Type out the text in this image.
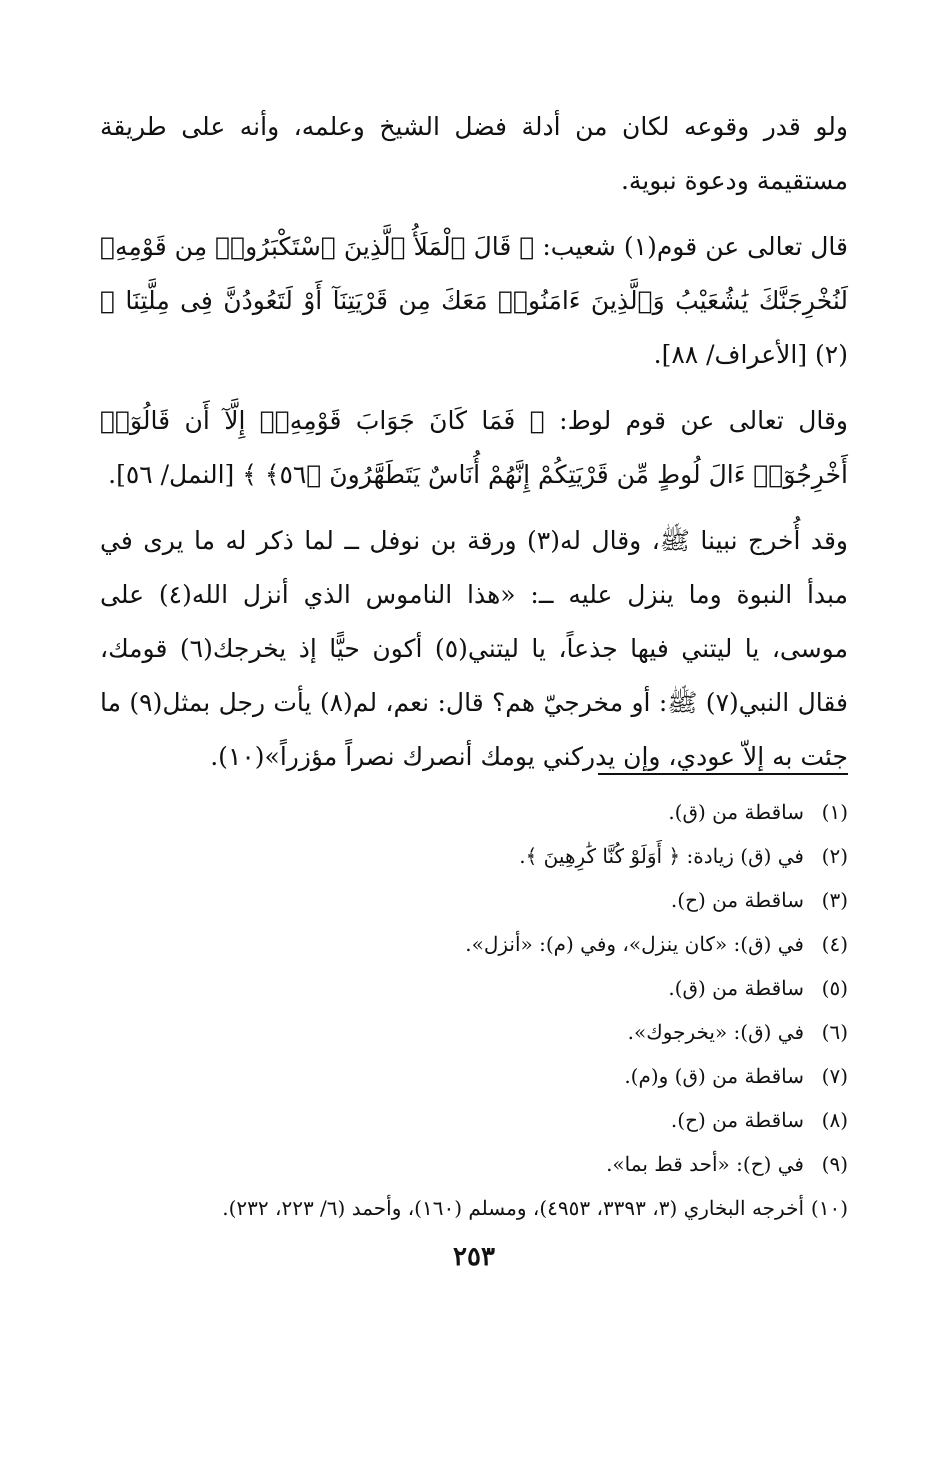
ولو قدر وقوعه لكان من أدلة فضل الشيخ وعلمه، وأنه على طريقة مستقيمة ودعوة نبوية.

قال تعالى عن قوم(١) شعيب: ﴿ قَالَ ٱلْمَلَأُ ٱلَّذِينَ ٱسْتَكْبَرُوا۟ مِن قَوْمِهِۦ لَنُخْرِجَنَّكَ يَٰشُعَيْبُ وَٱلَّذِينَ ءَامَنُوا۟ مَعَكَ مِن قَرْيَتِنَآ أَوْ لَتَعُودُنَّ فِى مِلَّتِنَا ﴾(٢) [الأعراف/ ٨٨].

وقال تعالى عن قوم لوط: ﴿ فَمَا كَانَ جَوَابَ قَوْمِهِۦٓ إِلَّآ أَن قَالُوٓا۟ أَخْرِجُوٓا۟ ءَالَ لُوطٍ مِّن قَرْيَتِكُمْ إِنَّهُمْ أُنَاسٌ يَتَطَهَّرُونَ ﴿٥٦﴾ ﴾ [النمل/ ٥٦].

وقد أُخرج نبينا ﷺ، وقال له(٣) ورقة بن نوفل ــ لما ذكر له ما يرى في مبدأ النبوة وما ينزل عليه ــ: «هذا الناموس الذي أنزل الله(٤) على موسى، يا ليتني فيها جذعاً، يا ليتني(٥) أكون حيًّا إذ يخرجك(٦) قومك، فقال النبي(٧) ﷺ: أو مخرجيّ هم؟ قال: نعم، لم(٨) يأت رجل بمثل(٩) ما جئت به إلاّ عودي، وإن يدركني يومك أنصرك نصراً مؤزراً»(١٠).

(١)ساقطة من (ق).
(٢)في (ق) زيادة: ﴿ أَوَلَوْ كُنَّا كَٰرِهِينَ ﴾.
(٣)ساقطة من (ح).
(٤)في (ق): «كان ينزل»، وفي (م): «أنزل».
(٥)ساقطة من (ق).
(٦)في (ق): «يخرجوك».
(٧)ساقطة من (ق) و(م).
(٨)ساقطة من (ح).
(٩)في (ح): «أحد قط بما».
(١٠)أخرجه البخاري (٣، ٣٣٩٣، ٤٩٥٣)، ومسلم (١٦٠)، وأحمد (٦/ ٢٢٣، ٢٣٢).
٢٥٣
